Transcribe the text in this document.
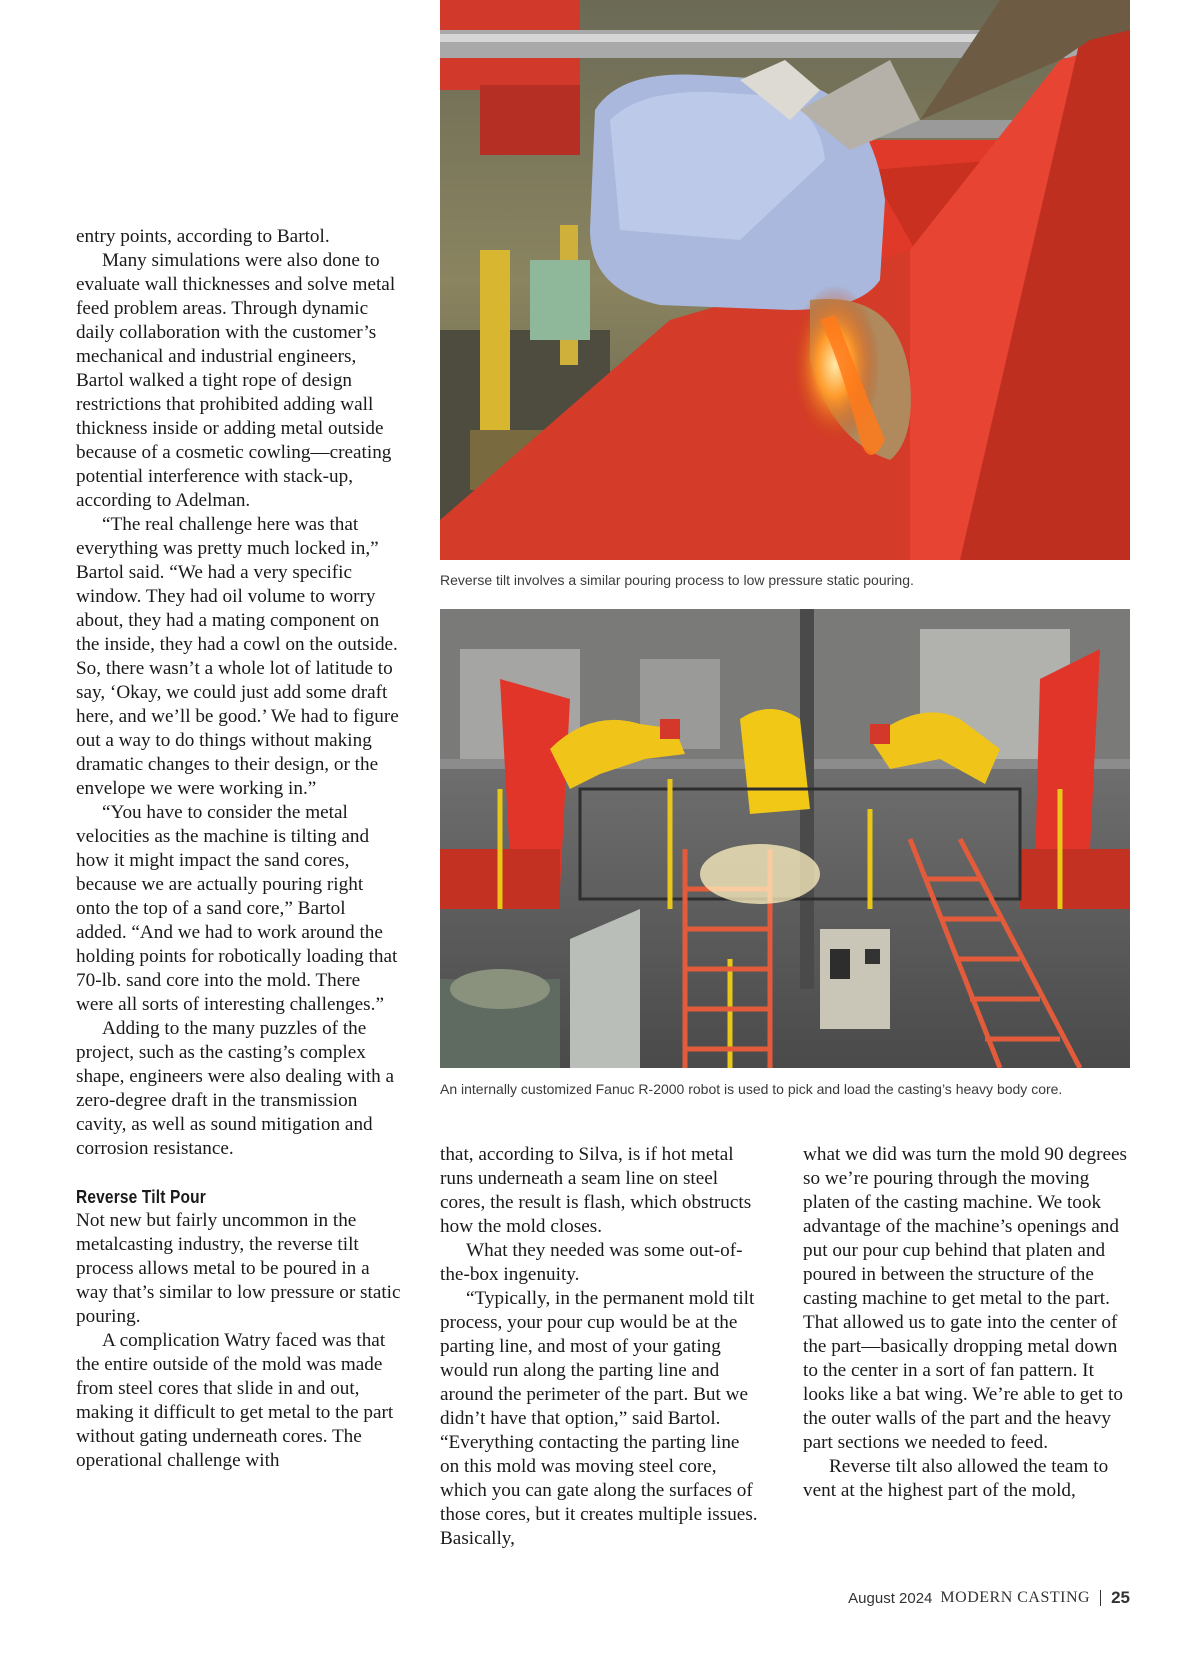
Reverse tilt involves a similar pouring process to low pressure static pouring.
An internally customized Fanuc R-2000 robot is used to pick and load the casting’s heavy body core.

entry points, according to Bartol.

Many simulations were also done to evaluate wall thicknesses and solve metal feed problem areas. Through dynamic daily collaboration with the customer’s mechanical and industrial engineers, Bartol walked a tight rope of design restrictions that prohibited adding wall thickness inside or adding metal outside because of a cosmetic cowling—creating potential interference with stack-up, according to Adelman.

“The real challenge here was that everything was pretty much locked in,” Bartol said. “We had a very specific window. They had oil volume to worry about, they had a mating component on the inside, they had a cowl on the outside. So, there wasn’t a whole lot of latitude to say, ‘Okay, we could just add some draft here, and we’ll be good.’ We had to figure out a way to do things without making dramatic changes to their design, or the envelope we were working in.”

“You have to consider the metal velocities as the machine is tilting and how it might impact the sand cores, because we are actually pouring right onto the top of a sand core,” Bartol added. “And we had to work around the holding points for robotically loading that 70-lb. sand core into the mold. There were all sorts of interesting challenges.”

Adding to the many puzzles of the project, such as the casting’s complex shape, engineers were also dealing with a zero-degree draft in the transmission cavity, as well as sound mitigation and corrosion resistance.

Reverse Tilt Pour

Not new but fairly uncommon in the metalcasting industry, the reverse tilt process allows metal to be poured in a way that’s similar to low pressure or static pouring.

A complication Watry faced was that the entire outside of the mold was made from steel cores that slide in and out, making it difficult to get metal to the part without gating underneath cores. The operational challenge with

that, according to Silva, is if hot metal runs underneath a seam line on steel cores, the result is flash, which obstructs how the mold closes.

What they needed was some out-of-the-box ingenuity.

“Typically, in the permanent mold tilt process, your pour cup would be at the parting line, and most of your gating would run along the parting line and around the perimeter of the part. But we didn’t have that option,” said Bartol. “Everything contacting the parting line on this mold was moving steel core, which you can gate along the surfaces of those cores, but it creates multiple issues. Basically,

what we did was turn the mold 90 degrees so we’re pouring through the moving platen of the casting machine. We took advantage of the machine’s openings and put our pour cup behind that platen and poured in between the structure of the casting machine to get metal to the part. That allowed us to gate into the center of the part—basically dropping metal down to the center in a sort of fan pattern. It looks like a bat wing. We’re able to get to the outer walls of the part and the heavy part sections we needed to feed.

Reverse tilt also allowed the team to vent at the highest part of the mold,

August 2024 MODERN CASTING 25
